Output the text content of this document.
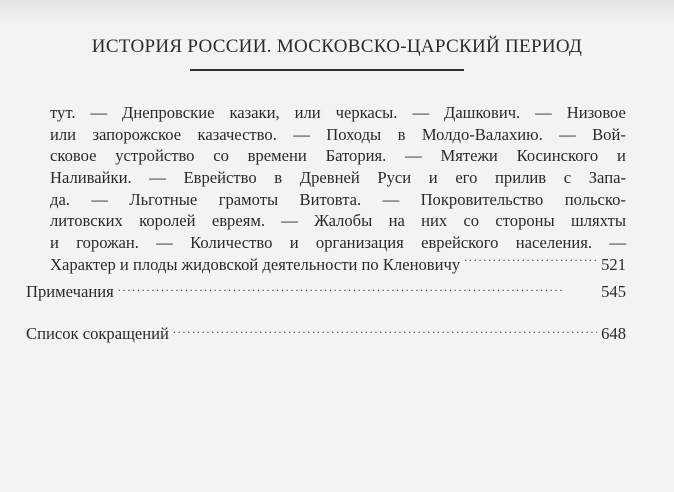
ИСТОРИЯ РОССИИ. МОСКОВСКО-ЦАРСКИЙ ПЕРИОД
тут. — Днепровские казаки, или черкасы. — Дашкович. — Низовое
или запорожское казачество. — Походы в Молдо-Валахию. — Вой-
сковое устройство со времени Батория. — Мятежи Косинского и
Наливайки. — Еврейство в Древней Руси и его прилив с Запа-
да. — Льготные грамоты Витовта. — Покровительство польско-
литовских королей евреям. — Жалобы на них со стороны шляхты
и горожан. — Количество и организация еврейского населения. —
Характер и плоды жидовской деятельности по Кленовичу . . .	521
Примечания . . .	545
Список сокращений . . .	648
